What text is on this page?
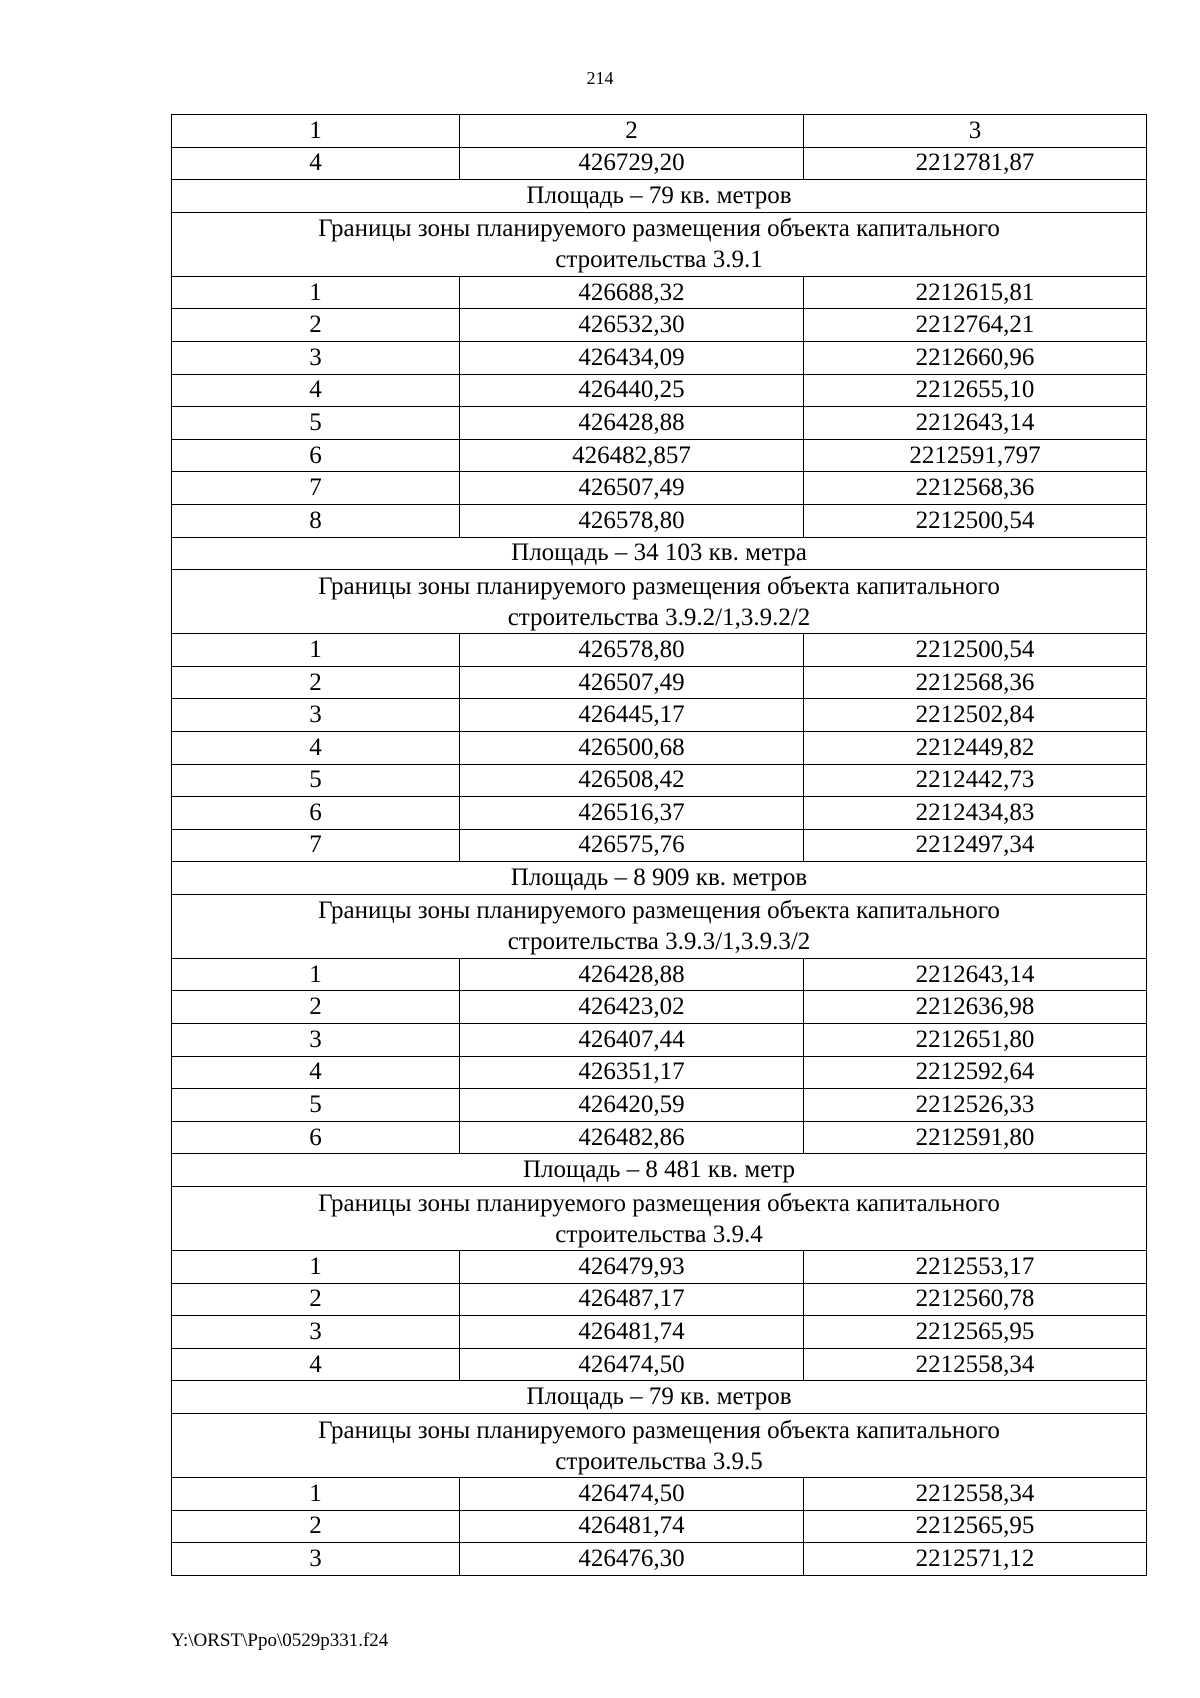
214
1	2	3
4	426729,20	2212781,87
Площадь – 79 кв. метров		
Границы зоны планируемого размещения объекта капитального строительства 3.9.1		
1	426688,32	2212615,81
2	426532,30	2212764,21
3	426434,09	2212660,96
4	426440,25	2212655,10
5	426428,88	2212643,14
6	426482,857	2212591,797
7	426507,49	2212568,36
8	426578,80	2212500,54
Площадь – 34 103 кв. метра		
Границы зоны планируемого размещения объекта капитального строительства 3.9.2/1,3.9.2/2		
1	426578,80	2212500,54
2	426507,49	2212568,36
3	426445,17	2212502,84
4	426500,68	2212449,82
5	426508,42	2212442,73
6	426516,37	2212434,83
7	426575,76	2212497,34
Площадь – 8 909 кв. метров		
Границы зоны планируемого размещения объекта капитального строительства 3.9.3/1,3.9.3/2		
1	426428,88	2212643,14
2	426423,02	2212636,98
3	426407,44	2212651,80
4	426351,17	2212592,64
5	426420,59	2212526,33
6	426482,86	2212591,80
Площадь – 8 481 кв. метр		
Границы зоны планируемого размещения объекта капитального строительства 3.9.4		
1	426479,93	2212553,17
2	426487,17	2212560,78
3	426481,74	2212565,95
4	426474,50	2212558,34
Площадь – 79 кв. метров		
Границы зоны планируемого размещения объекта капитального строительства 3.9.5		
1	426474,50	2212558,34
2	426481,74	2212565,95
3	426476,30	2212571,12
Y:\ORST\Ppo\0529p331.f24
